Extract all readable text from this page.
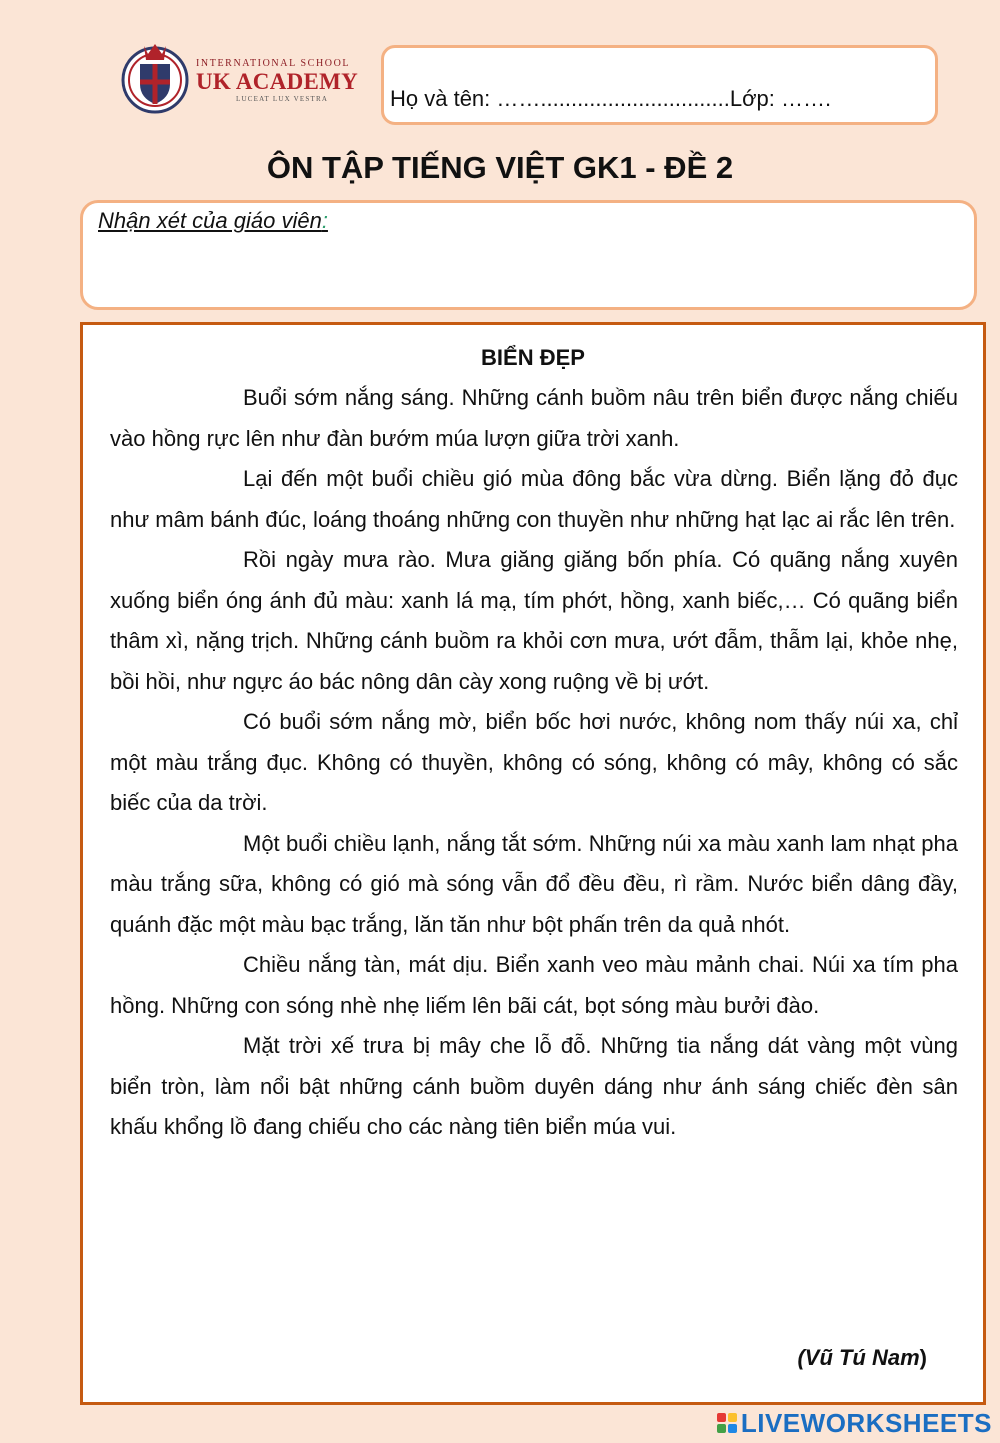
INTERNATIONAL SCHOOL
UK ACADEMY
LUCEAT LUX VESTRA	Họ và tên: ……...............................Lớp: …….
ÔN TẬP TIẾNG VIỆT GK1 - ĐỀ 2
Nhận xét của giáo viên:
BIỂN ĐẸP

Buổi sớm nắng sáng. Những cánh buồm nâu trên biển được nắng chiếu vào hồng rực lên như đàn bướm múa lượn giữa trời xanh.

Lại đến một buổi chiều gió mùa đông bắc vừa dừng. Biển lặng đỏ đục như mâm bánh đúc, loáng thoáng những con thuyền như những hạt lạc ai rắc lên trên.

Rồi ngày mưa rào. Mưa giăng giăng bốn phía. Có quãng nắng xuyên xuống biển óng ánh đủ màu: xanh lá mạ, tím phớt, hồng, xanh biếc,… Có quãng biển thâm xì, nặng trịch. Những cánh buồm ra khỏi cơn mưa, ướt đẫm, thẫm lại, khỏe nhẹ, bồi hồi, như ngực áo bác nông dân cày xong ruộng về bị ướt.

Có buổi sớm nắng mờ, biển bốc hơi nước, không nom thấy núi xa, chỉ một màu trắng đục. Không có thuyền, không có sóng, không có mây, không có sắc biếc của da trời.

Một buổi chiều lạnh, nắng tắt sớm. Những núi xa màu xanh lam nhạt pha màu trắng sữa, không có gió mà sóng vẫn đổ đều đều, rì rầm. Nước biển dâng đầy, quánh đặc một màu bạc trắng, lăn tăn như bột phấn trên da quả nhót.

Chiều nắng tàn, mát dịu. Biển xanh veo màu mảnh chai. Núi xa tím pha hồng. Những con sóng nhè nhẹ liếm lên bãi cát, bọt sóng màu bưởi đào.

Mặt trời xế trưa bị mây che lỗ đỗ. Những tia nắng dát vàng một vùng biển tròn, làm nổi bật những cánh buồm duyên dáng như ánh sáng chiếc đèn sân khấu khổng lồ đang chiếu cho các nàng tiên biển múa vui.

(Vũ Tú Nam)
LIVEWORKSHEETS
